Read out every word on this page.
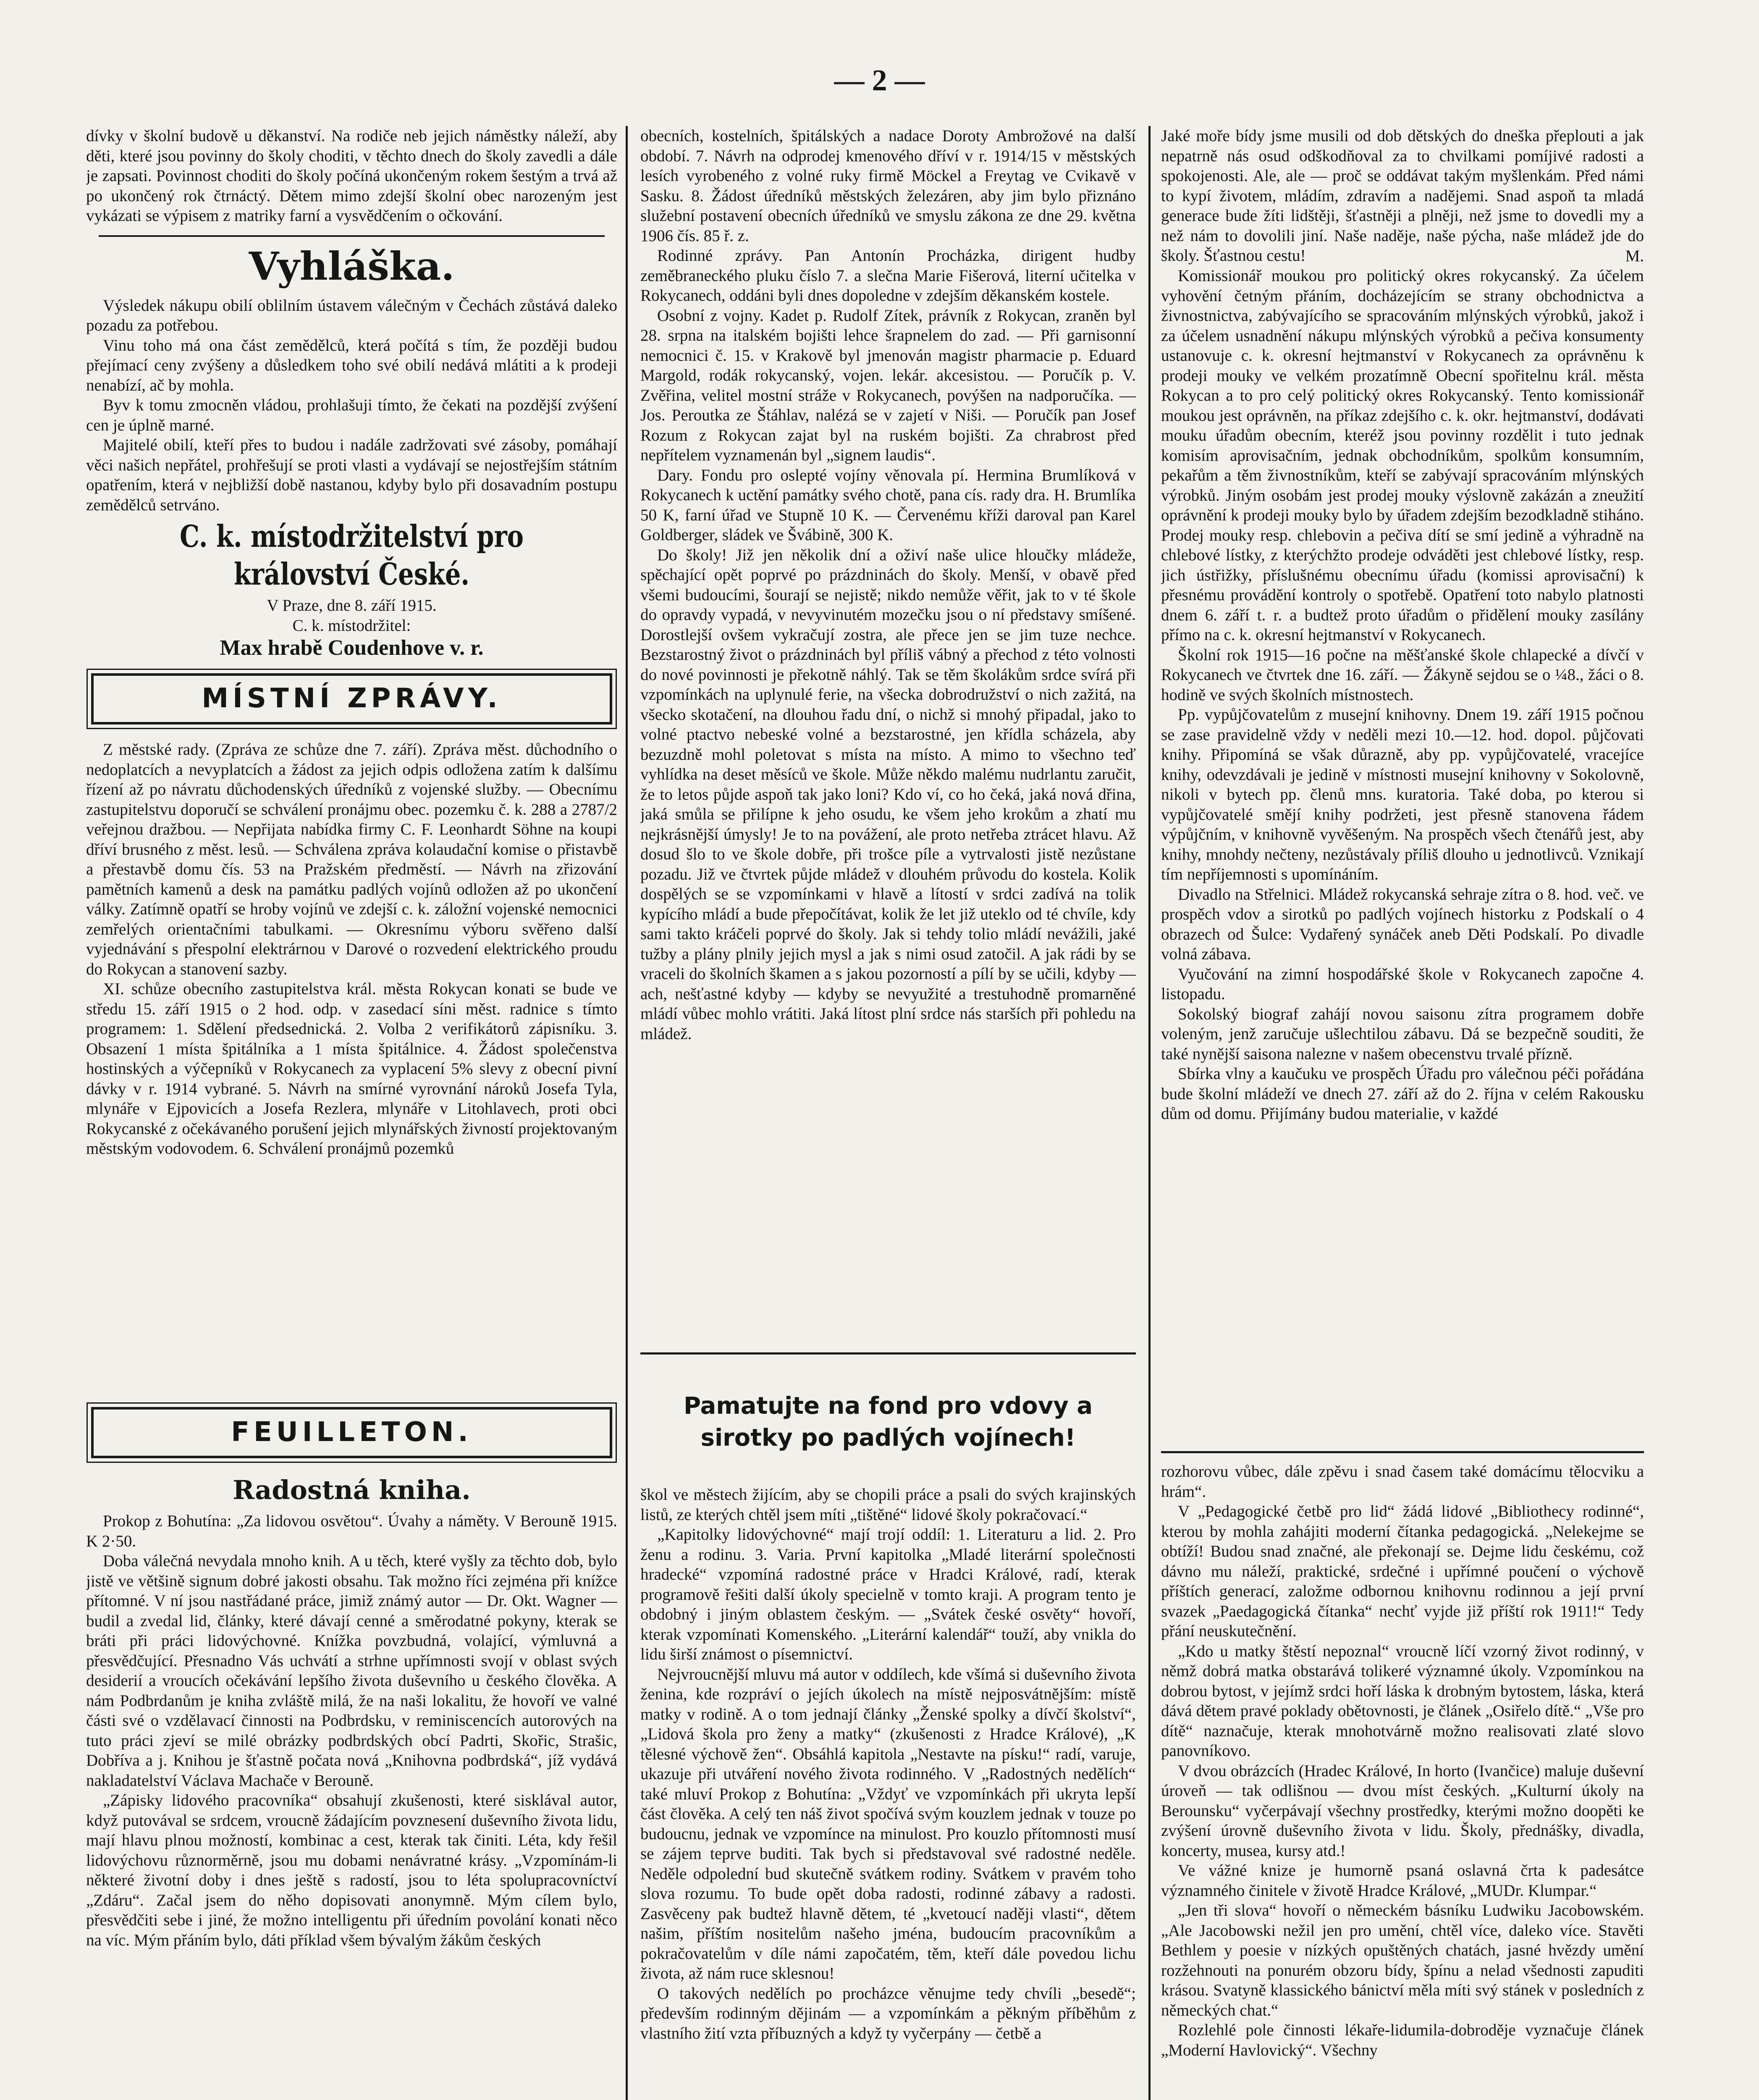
— 2 —

dívky v školní budově u děkanství. Na rodiče neb jejich náměstky náleží, aby děti, které jsou povinny do školy choditi, v těchto dnech do školy zavedli a dále je zapsati. Povinnost choditi do školy počíná ukončeným rokem šestým a trvá až po ukončený rok čtrnáctý. Dětem mimo zdejší školní obec narozeným jest vykázati se výpisem z matriky farní a vysvědčením o očkování.

Vyhláška.

Výsledek nákupu obilí oblilním ústavem válečným v Čechách zůstává daleko pozadu za potřebou.

Vinu toho má ona část zemědělců, která počítá s tím, že později budou přejímací ceny zvýšeny a důsledkem toho své obilí nedává mlátiti a k prodeji nenabízí, ač by mohla.

Byv k tomu zmocněn vládou, prohlašuji tímto, že čekati na pozdější zvýšení cen je úplně marné.

Majitelé obilí, kteří přes to budou i nadále zadržovati své zásoby, pomáhají věci našich nepřátel, prohřešují se proti vlasti a vydávají se nejostřejším státním opatřením, která v nejbližší době nastanou, kdyby bylo při dosavadním postupu zemědělců setrváno.

C. k. místodržitelství pro království České.

V Praze, dne 8. září 1915.

C. k. místodržitel:

Max hrabě Coudenhove v. r.
MÍSTNÍ ZPRÁVY.

Z městské rady. (Zpráva ze schůze dne 7. září). Zpráva měst. důchodního o nedoplatcích a nevyplatcích a žádost za jejich odpis odložena zatím k dalšímu řízení až po návratu důchodenských úředníků z vojenské služby. — Obecnímu zastupitelstvu doporučí se schválení pronájmu obec. pozemku č. k. 288 a 2787/2 veřejnou dražbou. — Nepřijata nabídka firmy C. F. Leonhardt Söhne na koupi dříví brusného z měst. lesů. — Schválena zpráva kolaudační komise o přistavbě a přestavbě domu čís. 53 na Pražském předměstí. — Návrh na zřizování pamětních kamenů a desk na památku padlých vojínů odložen až po ukončení války. Zatímně opatří se hroby vojínů ve zdejší c. k. záložní vojenské nemocnici zemřelých orientačními tabulkami. — Okresnímu výboru svěřeno další vyjednávání s přespolní elektrárnou v Darové o rozvedení elektrického proudu do Rokycan a stanovení sazby.

XI. schůze obecního zastupitelstva král. města Rokycan konati se bude ve středu 15. září 1915 o 2 hod. odp. v zasedací síni měst. radnice s tímto programem: 1. Sdělení předsednická. 2. Volba 2 verifikátorů zápisníku. 3. Obsazení 1 místa špitálníka a 1 místa špitálnice. 4. Žádost společenstva hostinských a výčepníků v Rokycanech za vyplacení 5% slevy z obecní pivní dávky v r. 1914 vybrané. 5. Návrh na smírné vyrovnání nároků Josefa Tyla, mlynáře v Ejpovicích a Josefa Rezlera, mlynáře v Litohlavech, proti obci Rokycanské z očekávaného porušení jejich mlynářských živností projektovaným městským vodovodem. 6. Schválení pronájmů pozemků

FEUILLETON.
Radostná kniha.

Prokop z Bohutína: „Za lidovou osvětou“. Úvahy a náměty. V Berouně 1915. K 2·50.

Doba válečná nevydala mnoho knih. A u těch, které vyšly za těchto dob, bylo jistě ve většině signum dobré jakosti obsahu. Tak možno říci zejména při knížce přítomné. V ní jsou nastřádané práce, jimiž známý autor — Dr. Okt. Wagner — budil a zvedal lid, články, které dávají cenné a směrodatné pokyny, kterak se bráti při práci lidovýchovné. Knížka povzbudná, volající, výmluvná a přesvědčující. Přesnadno Vás uchvátí a strhne upřímnosti svojí v oblast svých desiderií a vroucích očekávání lepšího života duševního u českého člověka. A nám Podbrdanům je kniha zvláště milá, že na naši lokalitu, že hovoří ve valné části své o vzdělavací činnosti na Podbrdsku, v reminiscencích autorových na tuto práci zjeví se milé obrázky podbrdských obcí Padrti, Skořic, Strašic, Dobříva a j. Knihou je šťastně počata nová „Knihovna podbrdská“, jíž vydává nakladatelství Václava Machače v Berouně.

„Zápisky lidového pracovníka“ obsahují zkušenosti, které sisklával autor, když putovával se srdcem, vroucně žádajícím povznesení duševního života lidu, mají hlavu plnou možností, kombinac a cest, kterak tak činiti. Léta, kdy řešil lidovýchovu různorměrně, jsou mu dobami nenávratné krásy. „Vzpomínám-li některé životní doby i dnes ještě s radostí, jsou to léta spolupracovníctví „Zdáru“. Začal jsem do něho dopisovati anonymně. Mým cílem bylo, přesvědčiti sebe i jiné, že možno intelligentu při úředním povolání konati něco na víc. Mým přáním bylo, dáti příklad všem bývalým žákům českých

obecních, kostelních, špitálských a nadace Doroty Ambrožové na další období. 7. Návrh na odprodej kmenového dříví v r. 1914/15 v městských lesích vyrobeného z volné ruky firmě Möckel a Freytag ve Cvikavě v Sasku. 8. Žádost úředníků městských železáren, aby jim bylo přiznáno služební postavení obecních úředníků ve smyslu zákona ze dne 29. května 1906 čís. 85 ř. z.

Rodinné zprávy. Pan Antonín Procházka, dirigent hudby zeměbraneckého pluku číslo 7. a slečna Marie Fišerová, literní učitelka v Rokycanech, oddáni byli dnes dopoledne v zdejším děkanském kostele.

Osobní z vojny. Kadet p. Rudolf Zítek, právník z Rokycan, zraněn byl 28. srpna na italském bojišti lehce šrapnelem do zad. — Při garnisonní nemocnici č. 15. v Krakově byl jmenován magistr pharmacie p. Eduard Margold, rodák rokycanský, vojen. lekár. akcesistou. — Poručík p. V. Zvěřina, velitel mostní stráže v Rokycanech, povýšen na nadporučíka. — Jos. Peroutka ze Štáhlav, nalézá se v zajetí v Niši. — Poručík pan Josef Rozum z Rokycan zajat byl na ruském bojišti. Za chrabrost před nepřítelem vyznamenán byl „signem laudis“.

Dary. Fondu pro oslepté vojíny věnovala pí. Hermina Brumlíková v Rokycanech k uctění památky svého chotě, pana cís. rady dra. H. Brumlíka 50 K, farní úřad ve Stupně 10 K. — Červenému kříži daroval pan Karel Goldberger, sládek ve Švábině, 300 K.

Do školy! Již jen několik dní a oživí naše ulice hloučky mládeže, spěchající opět poprvé po prázdninách do školy. Menší, v obavě před všemi budoucími, šourají se nejistě; nikdo nemůže věřit, jak to v té škole do opravdy vypadá, v nevyvinutém mozečku jsou o ní představy smíšené. Dorostlejší ovšem vykračují zostra, ale přece jen se jim tuze nechce. Bezstarostný život o prázdninách byl příliš vábný a přechod z této volnosti do nové povinnosti je překotně náhlý. Tak se těm školákům srdce svírá při vzpomínkách na uplynulé ferie, na všecka dobrodružství o nich zažitá, na všecko skotačení, na dlouhou řadu dní, o nichž si mnohý připadal, jako to volné ptactvo nebeské volné a bezstarostné, jen křídla scházela, aby bezuzdně mohl poletovat s místa na místo. A mimo to všechno teď vyhlídka na deset měsíců ve škole. Může někdo malému nudrlantu zaručit, že to letos půjde aspoň tak jako loni? Kdo ví, co ho čeká, jaká nová dřina, jaká smůla se přilípne k jeho osudu, ke všem jeho krokům a zhatí mu nejkrásnější úmysly! Je to na povážení, ale proto netřeba ztrácet hlavu. Až dosud šlo to ve škole dobře, při trošce píle a vytrvalosti jistě nezůstane pozadu. Již ve čtvrtek půjde mládež v dlouhém průvodu do kostela. Kolik dospělých se se vzpomínkami v hlavě a lítostí v srdci zadívá na tolik kypícího mládí a bude přepočítávat, kolik že let již uteklo od té chvíle, kdy sami takto kráčeli poprvé do školy. Jak si tehdy tolio mládí nevážili, jaké tužby a plány plnily jejich mysl a jak s nimi osud zatočil. A jak rádi by se vraceli do školních škamen a s jakou pozorností a pílí by se učili, kdyby — ach, nešťastné kdyby — kdyby se nevyužité a trestuhodně promarněné mládí vůbec mohlo vrátiti. Jaká lítost plní srdce nás starších při pohledu na mládež.

Pamatujte na fond pro vdovy a sirotky po padlých vojínech!

škol ve městech žijícím, aby se chopili práce a psali do svých krajinských listů, ze kterých chtěl jsem míti „tištěné“ lidové školy pokračovací.“

„Kapitolky lidovýchovné“ mají trojí oddíl: 1. Literaturu a lid. 2. Pro ženu a rodinu. 3. Varia. První kapitolka „Mladé literární společnosti hradecké“ vzpomíná radostné práce v Hradci Králové, radí, kterak programově řešiti další úkoly specielně v tomto kraji. A program tento je obdobný i jiným oblastem českým. — „Svátek české osvěty“ hovoří, kterak vzpomínati Komenského. „Literární kalendář“ touží, aby vnikla do lidu širší známost o písemnictví.

Nejvroucnější mluvu má autor v oddílech, kde všímá si duševního života ženina, kde rozpráví o jejích úkolech na místě nejposvátnějším: místě matky v rodině. A o tom jednají články „Ženské spolky a dívčí školství“, „Lidová škola pro ženy a matky“ (zkušenosti z Hradce Králové), „K tělesné výchově žen“. Obsáhlá kapitola „Nestavte na písku!“ radí, varuje, ukazuje při utváření nového života rodinného. V „Radostných nedělích“ také mluví Prokop z Bohutína: „Vždyť ve vzpomínkách při ukryta lepší část člověka. A celý ten náš život spočívá svým kouzlem jednak v touze po budoucnu, jednak ve vzpomínce na minulost. Pro kouzlo přítomnosti musí se zájem teprve buditi. Tak bych si představoval své radostné neděle. Neděle odpolední bud skutečně svátkem rodiny. Svátkem v pravém toho slova rozumu. To bude opět doba radosti, rodinné zábavy a radosti. Zasvěceny pak budtež hlavně dětem, té „kvetoucí naději vlasti“, dětem našim, příštím nositelům našeho jména, budoucím pracovníkům a pokračovatelům v díle námi započatém, těm, kteří dále povedou lichu života, až nám ruce sklesnou!

O takových nedělích po procházce věnujme tedy chvíli „besedě“; především rodinným dějinám — a vzpomínkám a pěkným příběhům z vlastního žití vzta příbuzných a když ty vyčerpány — četbě a

Jaké moře bídy jsme musili od dob dětských do dneška přeplouti a jak nepatrně nás osud odškodňoval za to chvilkami pomíjivé radosti a spokojenosti. Ale, ale — proč se oddávat takým myšlenkám. Před námi to kypí životem, mládím, zdravím a nadějemi. Snad aspoň ta mladá generace bude žíti lidštěji, šťastněji a plněji, než jsme to dovedli my a než nám to dovolili jiní. Naše naděje, naše pýcha, naše mládež jde do školy. Šťastnou cestu!	M.

Komissionář moukou pro politický okres rokycanský. Za účelem vyhovění četným přáním, docházejícím se strany obchodnictva a živnostnictva, zabývajícího se spracováním mlýnských výrobků, jakož i za účelem usnadnění nákupu mlýnských výrobků a pečiva konsumenty ustanovuje c. k. okresní hejtmanství v Rokycanech za oprávněnu k prodeji mouky ve velkém prozatímně Obecní spořitelnu král. města Rokycan a to pro celý politický okres Rokycanský. Tento komissionář moukou jest oprávněn, na příkaz zdejšího c. k. okr. hejtmanství, dodávati mouku úřadům obecním, kteréž jsou povinny rozdělit i tuto jednak komisím aprovisačním, jednak obchodníkům, spolkům konsumním, pekařům a těm živnostníkům, kteří se zabývají spracováním mlýnských výrobků. Jiným osobám jest prodej mouky výslovně zakázán a zneužití oprávnění k prodeji mouky bylo by úřadem zdejším bezodkladně stiháno. Prodej mouky resp. chlebovin a pečiva dítí se smí jedině a výhradně na chlebové lístky, z kterýchžto prodeje odváděti jest chlebové lístky, resp. jich ústřižky, příslušnému obecnímu úřadu (komissi aprovisační) k přesnému provádění kontroly o spotřebě. Opatření toto nabylo platnosti dnem 6. září t. r. a budtež proto úřadům o přidělení mouky zasílány přímo na c. k. okresní hejtmanství v Rokycanech.

Školní rok 1915—16 počne na měšťanské škole chlapecké a dívčí v Rokycanech ve čtvrtek dne 16. září. — Žákyně sejdou se o ¼8., žáci o 8. hodině ve svých školních místnostech.

Pp. vypůjčovatelům z musejní knihovny. Dnem 19. září 1915 počnou se zase pravidelně vždy v neděli mezi 10.—12. hod. dopol. půjčovati knihy. Připomíná se však důrazně, aby pp. vypůjčovatelé, vracejíce knihy, odevzdávali je jedině v místnosti musejní knihovny v Sokolovně, nikoli v bytech pp. členů mns. kuratoria. Také doba, po kterou si vypůjčovatelé smějí knihy podržeti, jest přesně stanovena řádem výpůjčním, v knihovně vyvěšeným. Na prospěch všech čtenářů jest, aby knihy, mnohdy nečteny, nezůstávaly příliš dlouho u jednotlivců. Vznikají tím nepříjemnosti s upomínáním.

Divadlo na Střelnici. Mládež rokycanská sehraje zítra o 8. hod. več. ve prospěch vdov a sirotků po padlých vojínech historku z Podskalí o 4 obrazech od Šulce: Vydařený synáček aneb Děti Podskalí. Po divadle volná zábava.

Vyučování na zimní hospodářské škole v Rokycanech započne 4. listopadu.

Sokolský biograf zahájí novou saisonu zítra programem dobře voleným, jenž zaručuje ušlechtilou zábavu. Dá se bezpečně souditi, že také nynější saisona nalezne v našem obecenstvu trvalé přízně.

Sbírka vlny a kaučuku ve prospěch Úřadu pro válečnou péči pořádána bude školní mládeží ve dnech 27. září až do 2. října v celém Rakousku dům od domu. Přijímány budou materialie, v každé

rozhorovu vůbec, dále zpěvu i snad časem také domácímu tělocviku a hrám“.

V „Pedagogické četbě pro lid“ žádá lidové „Bibliothecy rodinné“, kterou by mohla zahájiti moderní čítanka pedagogická. „Nelekejme se obtíží! Budou snad značné, ale překonají se. Dejme lidu českému, což dávno mu náleží, praktické, srdečné i upřímné poučení o výchově příštích generací, založme odbornou knihovnu rodinnou a její první svazek „Paedagogická čítanka“ nechť vyjde již příští rok 1911!“ Tedy přání neuskutečnění.

„Kdo u matky štěstí nepoznal“ vroucně líčí vzorný život rodinný, v němž dobrá matka obstarává tolikeré významné úkoly. Vzpomínkou na dobrou bytost, v jejímž srdci hoří láska k drobným bytostem, láska, která dává dětem pravé poklady obětovnosti, je článek „Osiřelo dítě.“ „Vše pro dítě“ naznačuje, kterak mnohotvárně možno realisovati zlaté slovo panovníkovo.

V dvou obrázcích (Hradec Králové, In horto (Ivančice) maluje duševní úroveň — tak odlišnou — dvou míst českých. „Kulturní úkoly na Berounsku“ vyčerpávají všechny prostředky, kterými možno doopěti ke zvýšení úrovně duševního života v lidu. Školy, přednášky, divadla, koncerty, musea, kursy atd.!

Ve vážné knize je humorně psaná oslavná črta k padesátce významného činitele v životě Hradce Králové, „MUDr. Klumpar.“

„Jen tři slova“ hovoří o německém básníku Ludwiku Jacobowském. „Ale Jacobowski nežil jen pro umění, chtěl více, daleko více. Stavěti Bethlem y poesie v nízkých opuštěných chatách, jasné hvězdy umění rozžehnouti na ponurém obzoru bídy, špínu a nelad všednosti zapuditi krásou. Svatyně klassického bánictví měla míti svý stánek v posledních z německých chat.“

Rozlehlé pole činnosti lékaře-lidumila-dobroděje vyznačuje článek „Moderní Havlovický“. Všechny
